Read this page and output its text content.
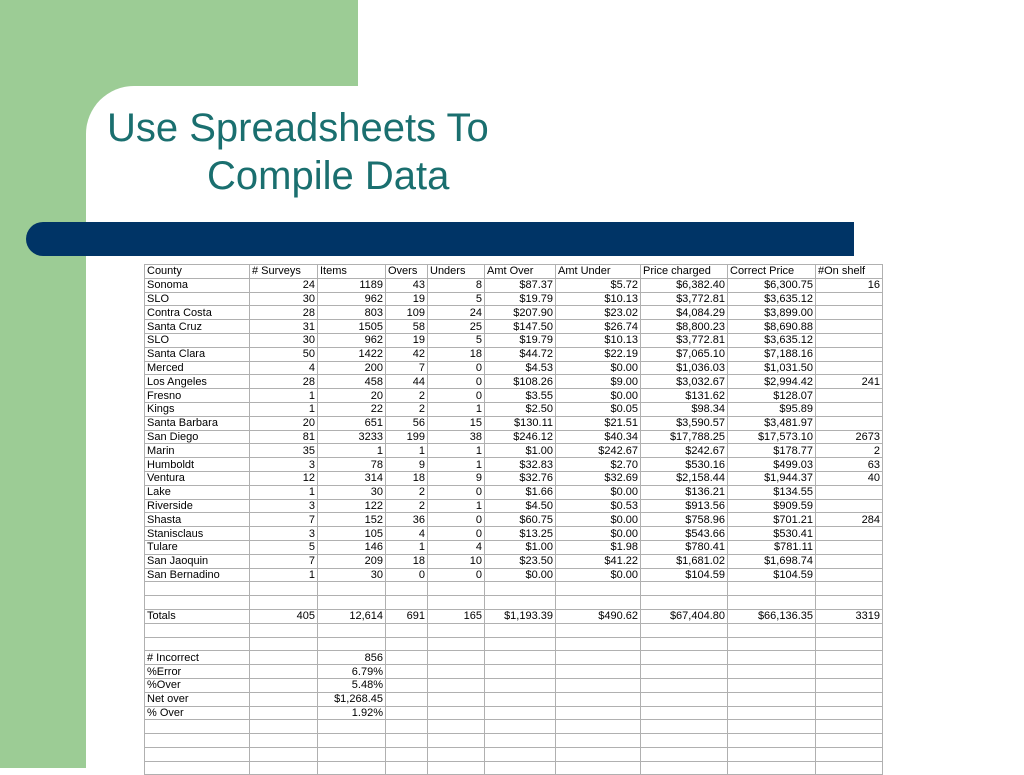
Use Spreadsheets To
Compile Data
County	# Surveys	Items	Overs	Unders	Amt Over	Amt Under	Price charged	Correct Price	#On shelf
Sonoma	24	1189	43	8	$87.37	$5.72	$6,382.40	$6,300.75	16
SLO	30	962	19	5	$19.79	$10.13	$3,772.81	$3,635.12	
Contra Costa	28	803	109	24	$207.90	$23.02	$4,084.29	$3,899.00	
Santa Cruz	31	1505	58	25	$147.50	$26.74	$8,800.23	$8,690.88	
SLO	30	962	19	5	$19.79	$10.13	$3,772.81	$3,635.12	
Santa Clara	50	1422	42	18	$44.72	$22.19	$7,065.10	$7,188.16	
Merced	4	200	7	0	$4.53	$0.00	$1,036.03	$1,031.50	
Los Angeles	28	458	44	0	$108.26	$9.00	$3,032.67	$2,994.42	241
Fresno	1	20	2	0	$3.55	$0.00	$131.62	$128.07	
Kings	1	22	2	1	$2.50	$0.05	$98.34	$95.89	
Santa Barbara	20	651	56	15	$130.11	$21.51	$3,590.57	$3,481.97	
San Diego	81	3233	199	38	$246.12	$40.34	$17,788.25	$17,573.10	2673
Marin	35	1	1	1	$1.00	$242.67	$242.67	$178.77	2
Humboldt	3	78	9	1	$32.83	$2.70	$530.16	$499.03	63
Ventura	12	314	18	9	$32.76	$32.69	$2,158.44	$1,944.37	40
Lake	1	30	2	0	$1.66	$0.00	$136.21	$134.55	
Riverside	3	122	2	1	$4.50	$0.53	$913.56	$909.59	
Shasta	7	152	36	0	$60.75	$0.00	$758.96	$701.21	284
Stanisclaus	3	105	4	0	$13.25	$0.00	$543.66	$530.41	
Tulare	5	146	1	4	$1.00	$1.98	$780.41	$781.11	
San Jaoquin	7	209	18	10	$23.50	$41.22	$1,681.02	$1,698.74	
San Bernadino	1	30	0	0	$0.00	$0.00	$104.59	$104.59	

Totals	405	12,614	691	165	$1,193.39	$490.62	$67,404.80	$66,136.35	3319

# Incorrect		856							
%Error		6.79%							
%Over		5.48%							
Net over		$1,268.45							
% Over		1.92%							
